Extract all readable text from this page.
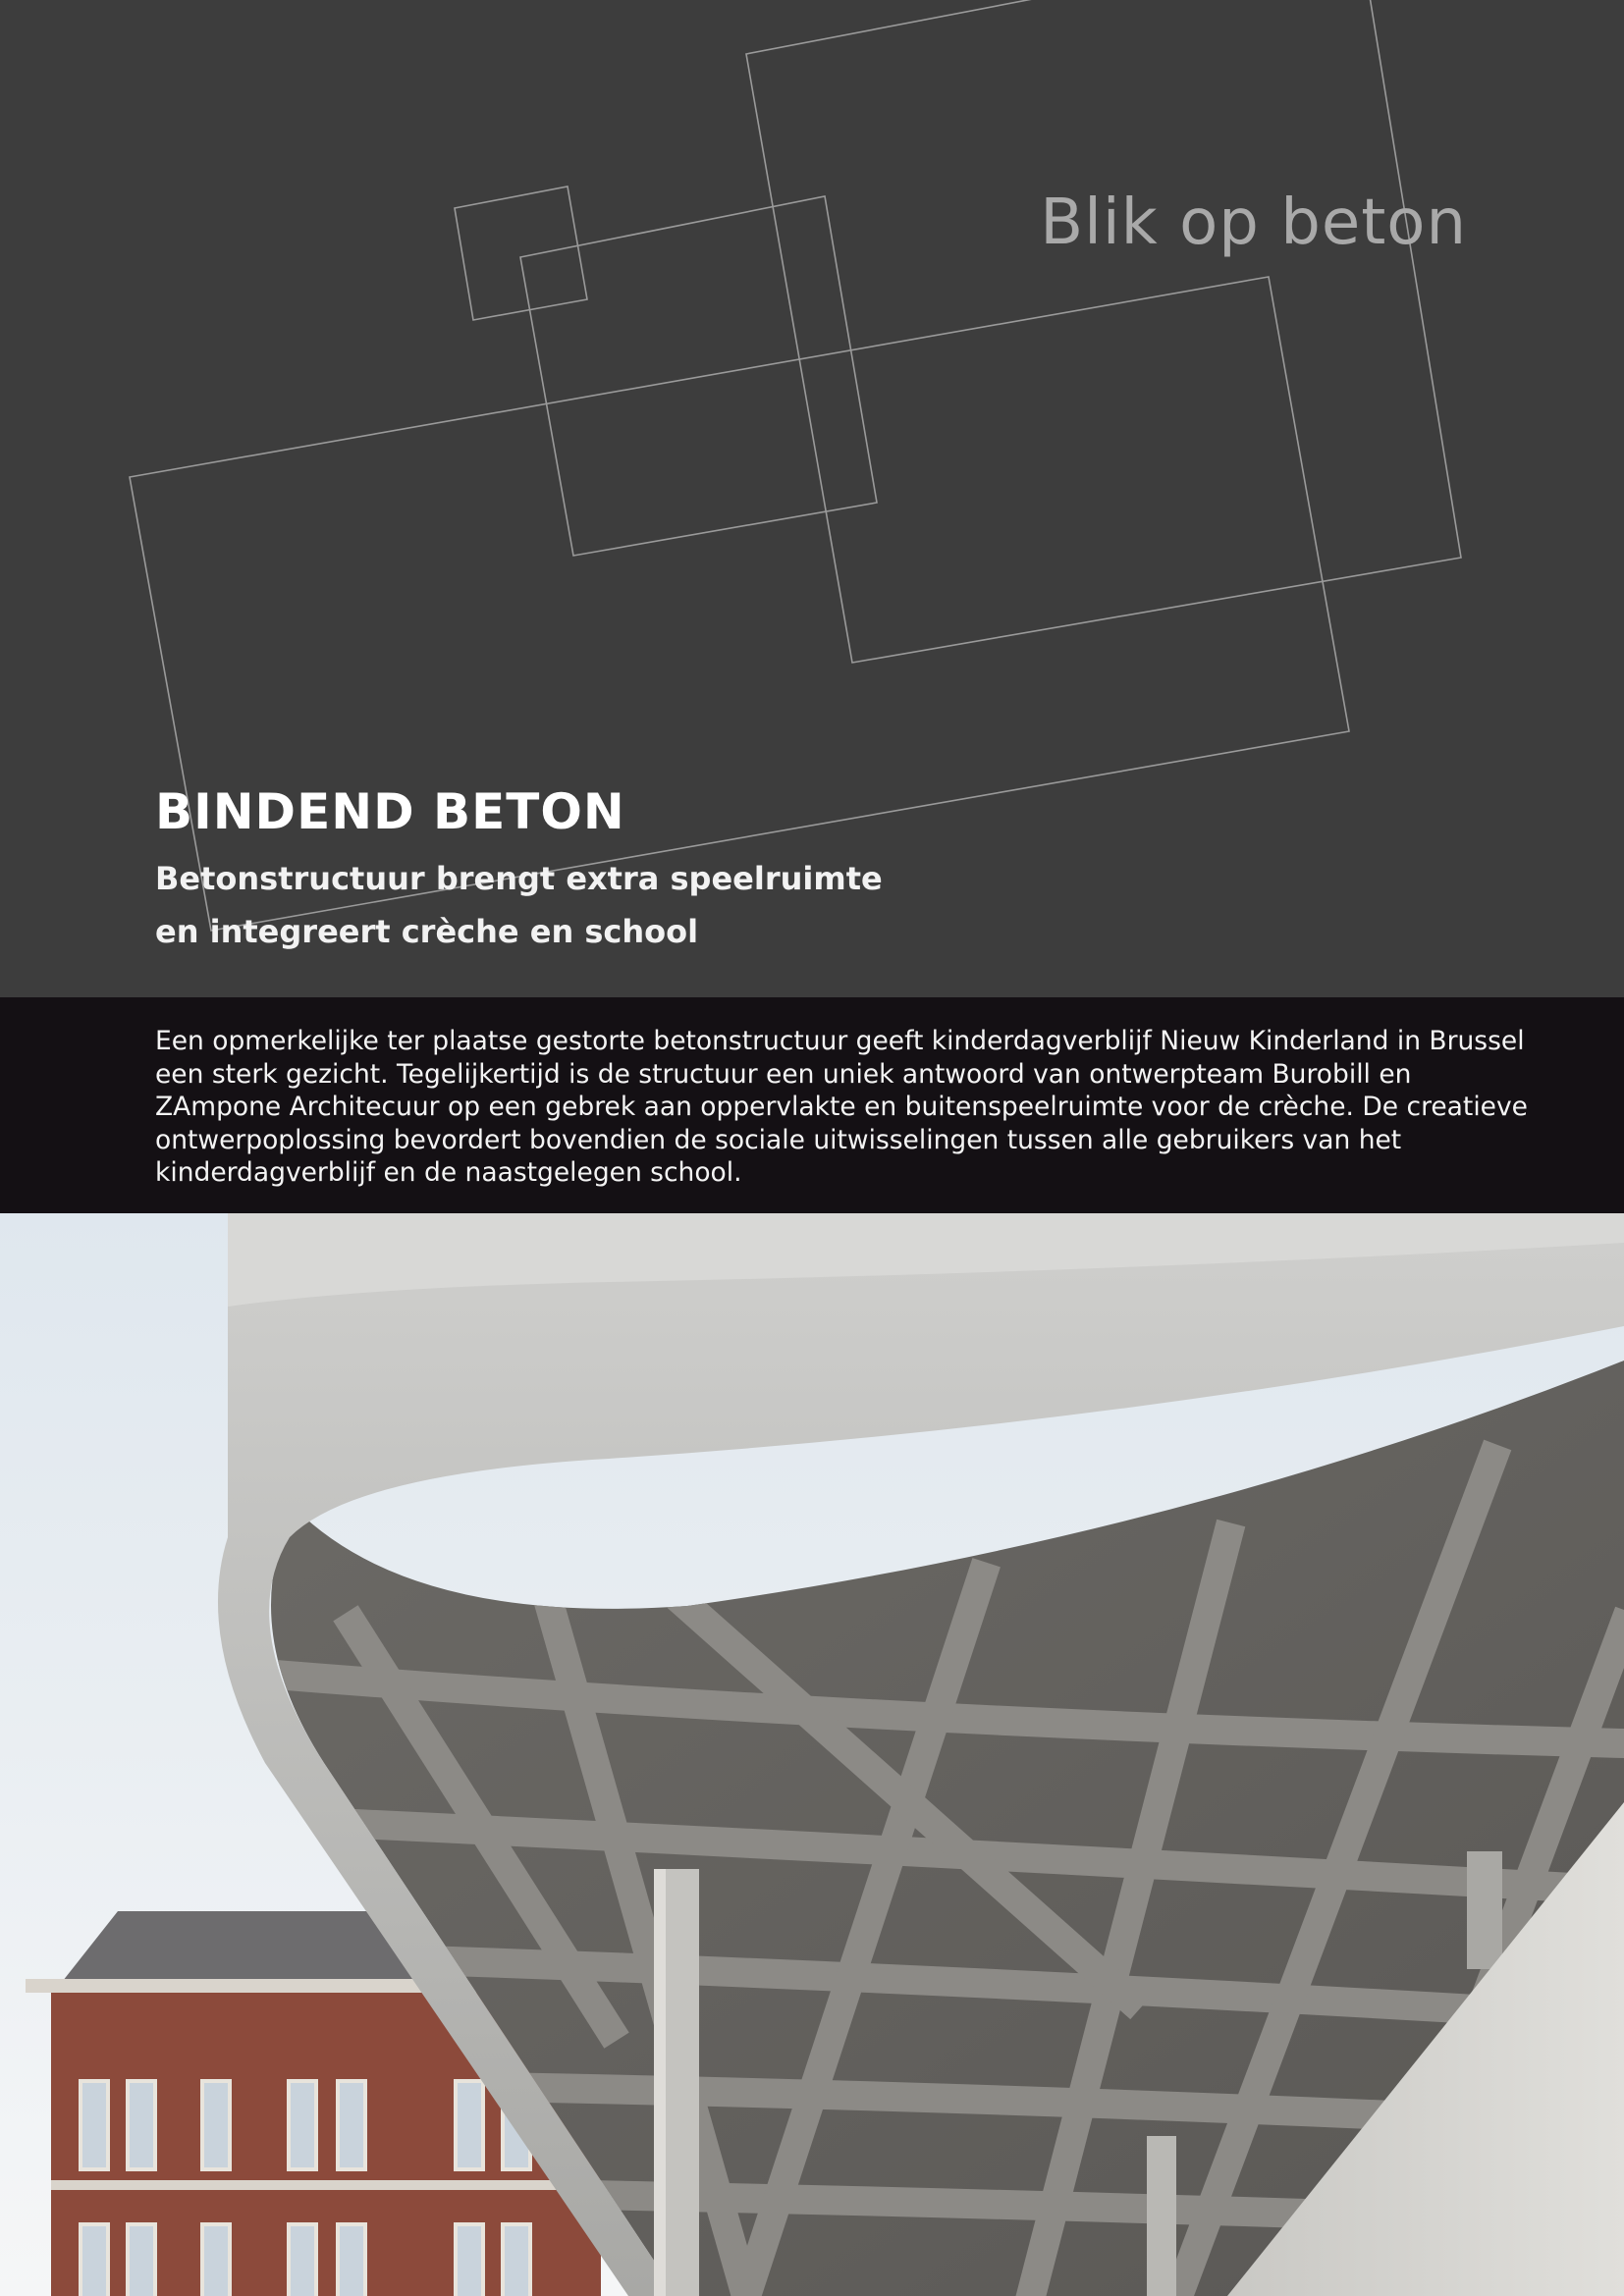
Blik op beton
BINDEND BETON
Betonstructuur brengt extra speelruimte
en integreert crèche en school
Een opmerkelijke ter plaatse gestorte betonstructuur geeft kinderdagverblijf Nieuw Kinderland in Brussel een sterk gezicht. Tegelijkertijd is de structuur een uniek antwoord van ontwerpteam Burobill en ZAmpone Architecuur op een gebrek aan oppervlakte en buitenspeelruimte voor de crèche. De creatieve ontwerpoplossing bevordert bovendien de sociale uitwisselingen tussen alle gebruikers van het kinderdagverblijf en de naastgelegen school.
